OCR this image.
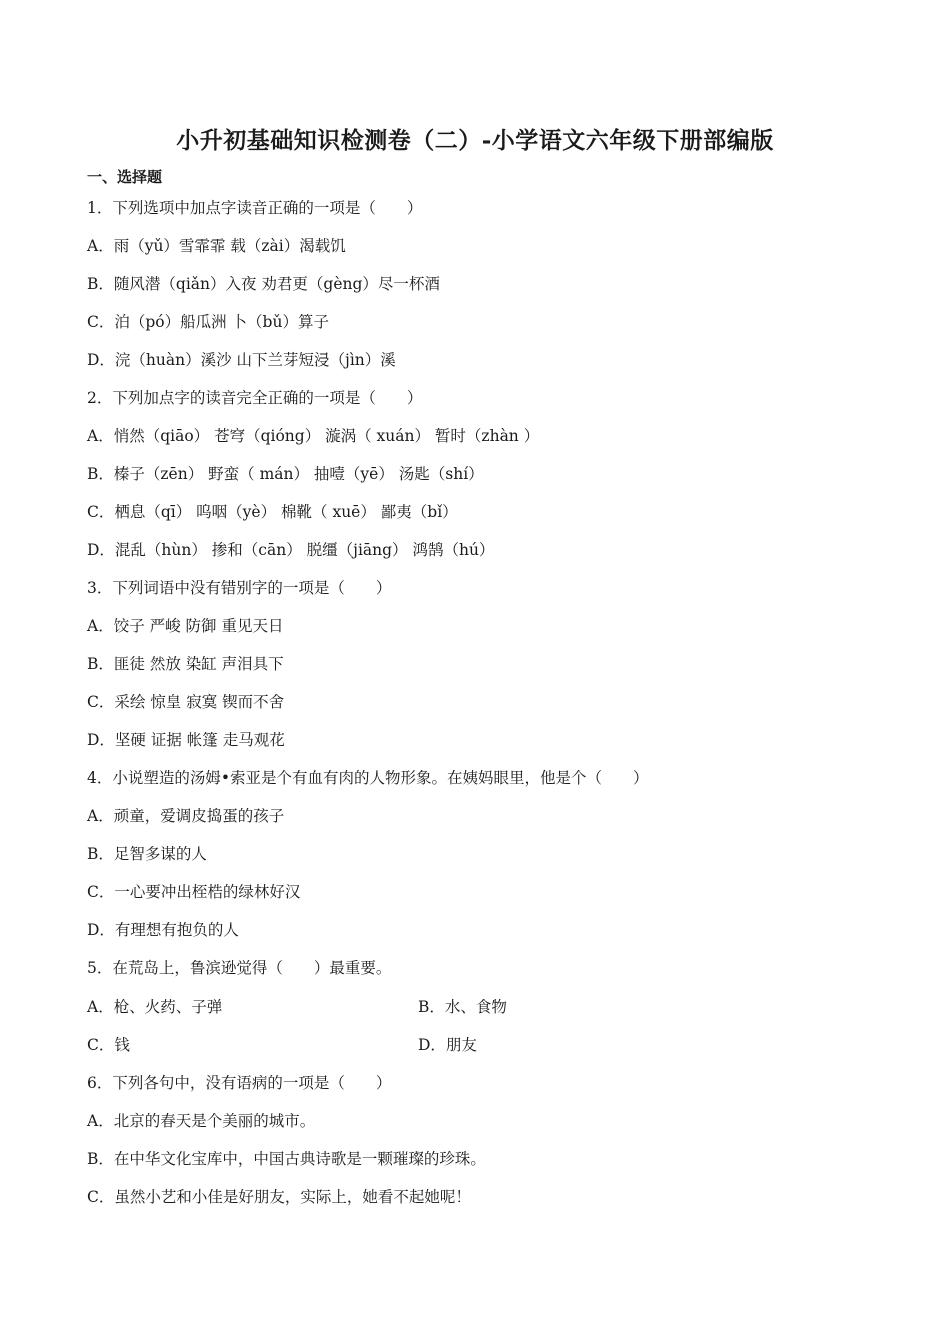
小升初基础知识检测卷（二）-小学语文六年级下册部编版
一、选择题
1．下列选项中加点字读音正确的一项是（　　）
A．雨（yǔ）雪霏霏 载（zài）渴载饥
B．随风潜（qiǎn）入夜 劝君更（gèng）尽一杯酒
C．泊（pó）船瓜洲 卜（bǔ）算子
D．浣（huàn）溪沙 山下兰芽短浸（jìn）溪
2．下列加点字的读音完全正确的一项是（　　）
A．悄然（qiāo） 苍穹（qióng） 漩涡（ xuán） 暂时（zhàn ）
B．榛子（zēn） 野蛮（ mán） 抽噎（yē） 汤匙（shí）
C．栖息（qī） 呜咽（yè） 棉靴（ xuē） 鄙夷（bǐ）
D．混乱（hùn） 掺和（cān） 脱缰（jiāng） 鸿鹄（hú）
3．下列词语中没有错别字的一项是（　　）
A．饺子 严峻 防御 重见天日
B．匪徒 然放 染缸 声泪具下
C．采绘 惊皇 寂寞 锲而不舍
D．坚硬 证据 帐篷 走马观花
4．小说塑造的汤姆•索亚是个有血有肉的人物形象。在姨妈眼里，他是个（　　）
A．顽童，爱调皮捣蛋的孩子
B．足智多谋的人
C．一心要冲出桎梏的绿林好汉
D．有理想有抱负的人
5．在荒岛上，鲁滨逊觉得（　　）最重要。
A．枪、火药、子弹	B．水、食物
C．钱	D．朋友
6．下列各句中，没有语病的一项是（　　）
A．北京的春天是个美丽的城市。
B．在中华文化宝库中，中国古典诗歌是一颗璀璨的珍珠。
C．虽然小艺和小佳是好朋友，实际上，她看不起她呢！
